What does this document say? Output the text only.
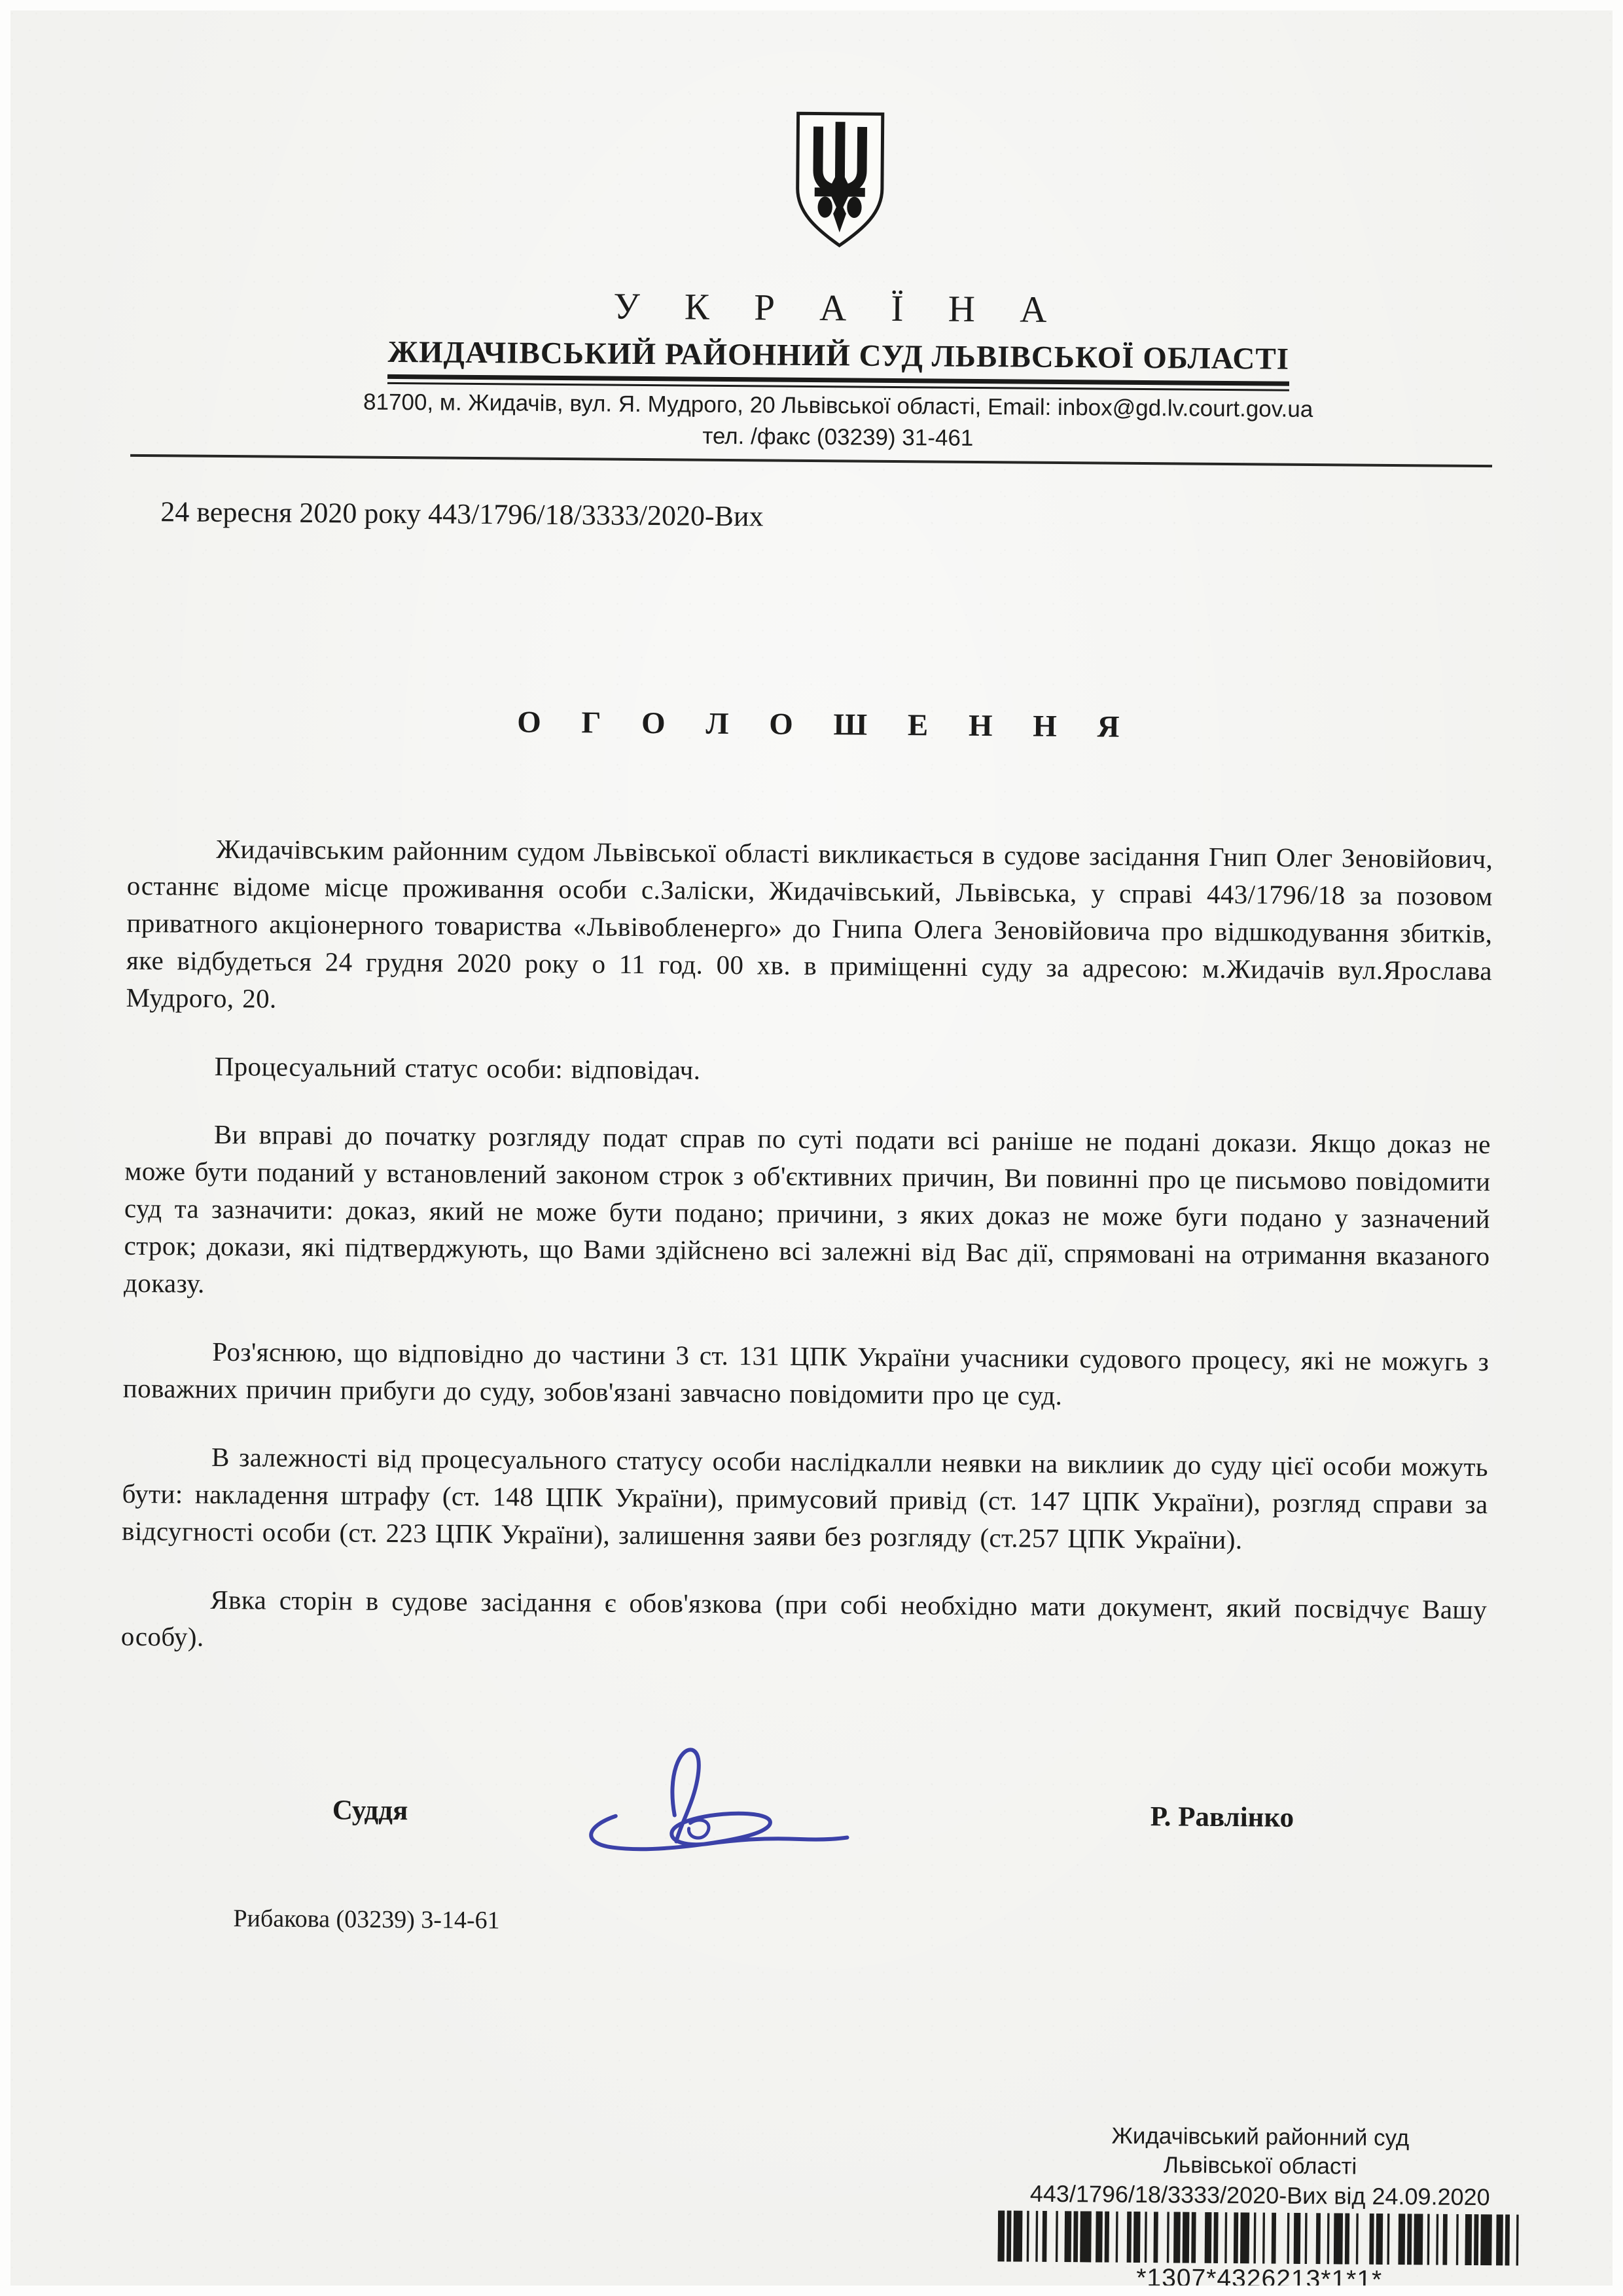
У К Р А Ї Н А
ЖИДАЧІВСЬКИЙ РАЙОННИЙ СУД ЛЬВІВСЬКОЇ ОБЛАСТІ
81700, м. Жидачів, вул. Я. Мудрого, 20 Львівської області, Email: inbox@gd.lv.court.gov.ua
тел. /факс (03239) 31-461
24 вересня 2020 року 443/1796/18/3333/2020-Вих
О Г О Л О Ш Е Н Н Я

Жидачівським районним судом Львівської області викликається в судове засідання Гнип Олег Зеновійович, останнє відоме місце проживання особи с.Заліски, Жидачівський, Львівська, у справі 443/1796/18 за позовом приватного акціонерного товариства «Львівобленерго» до Гнипа Олега Зеновійовича про відшкодування збитків, яке відбудеться 24 грудня 2020 року о 11 год. 00 хв. в приміщенні суду за адресою: м.Жидачів вул.Ярослава Мудрого, 20.

Процесуальний статус особи: відповідач.

Ви вправі до початку розгляду подат справ по суті подати всі раніше не подані докази. Якщо доказ не може бути поданий у встановлений законом строк з об'єктивних причин, Ви повинні про це письмово повідомити суд та зазначити: доказ, який не може бути подано; причини, з яких доказ не може буги подано у зазначений строк; докази, які підтверджують, що Вами здійснено всі залежні від Вас дії, спрямовані на отримання вказаного доказу.

Роз'яснюю, що відповідно до частини 3 ст. 131 ЦПК України учасники судового процесу, які не можугь з поважних причин прибуги до суду, зобов'язані завчасно повідомити про це суд.

В залежності від процесуального статусу особи наслідкалли неявки на виклиик до суду цієї особи можуть бути: накладення штрафу (ст. 148 ЦПК України), примусовий привід (ст. 147 ЦПК України), розгляд справи за відсугності особи (ст. 223 ЦПК України), залишення заяви без розгляду (ст.257 ЦПК України).

Явка сторін в судове засідання є обов'язкова (при собі необхідно мати документ, який посвідчує Вашу особу).

Суддя	Р. Равлінко
Рибакова (03239) 3-14-61
Жидачівський районний суд
Львівської області
443/1796/18/3333/2020-Вих від 24.09.2020
*1307*4326213*1*1*
